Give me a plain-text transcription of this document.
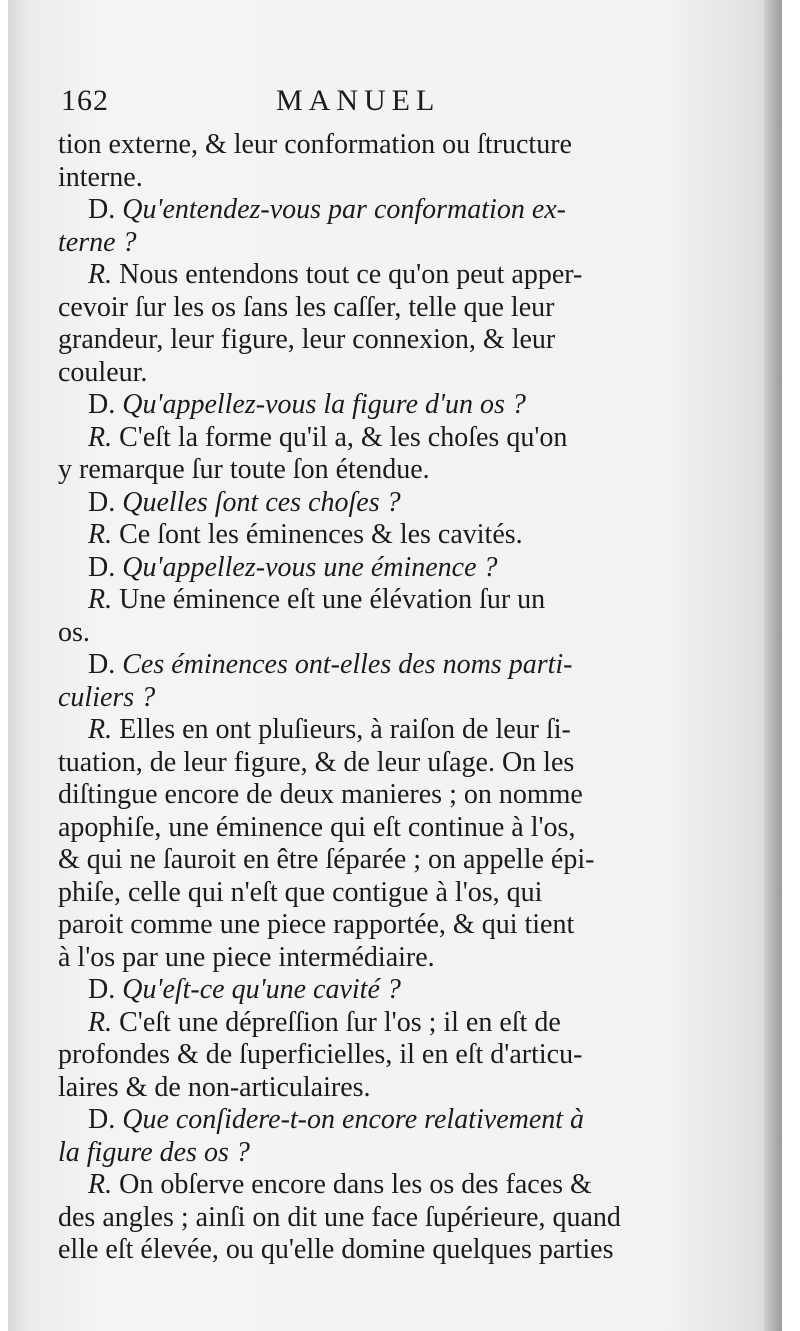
162	MANUEL
tion externe, & leur conformation ou ſtructure
interne.
D. Qu'entendez-vous par conformation ex-
terne ?
R. Nous entendons tout ce qu'on peut apper-
cevoir ſur les os ſans les caſſer, telle que leur
grandeur, leur figure, leur connexion, & leur
couleur.
D. Qu'appellez-vous la figure d'un os ?
R. C'eſt la forme qu'il a, & les choſes qu'on
y remarque ſur toute ſon étendue.
D. Quelles ſont ces choſes ?
R. Ce ſont les éminences & les cavités.
D. Qu'appellez-vous une éminence ?
R. Une éminence eſt une élévation ſur un
os.
D. Ces éminences ont-elles des noms parti-
culiers ?
R. Elles en ont pluſieurs, à raiſon de leur ſi-
tuation, de leur figure, & de leur uſage. On les
diſtingue encore de deux manieres ; on nomme
apophiſe, une éminence qui eſt continue à l'os,
& qui ne ſauroit en être ſéparée ; on appelle épi-
phiſe, celle qui n'eſt que contigue à l'os, qui
paroit comme une piece rapportée, & qui tient
à l'os par une piece intermédiaire.
D. Qu'eſt-ce qu'une cavité ?
R. C'eſt une dépreſſion ſur l'os ; il en eſt de
profondes & de ſuperficielles, il en eſt d'articu-
laires & de non-articulaires.
D. Que conſidere-t-on encore relativement à
la figure des os ?
R. On obſerve encore dans les os des faces &
des angles ; ainſi on dit une face ſupérieure, quand
elle eſt élevée, ou qu'elle domine quelques parties
